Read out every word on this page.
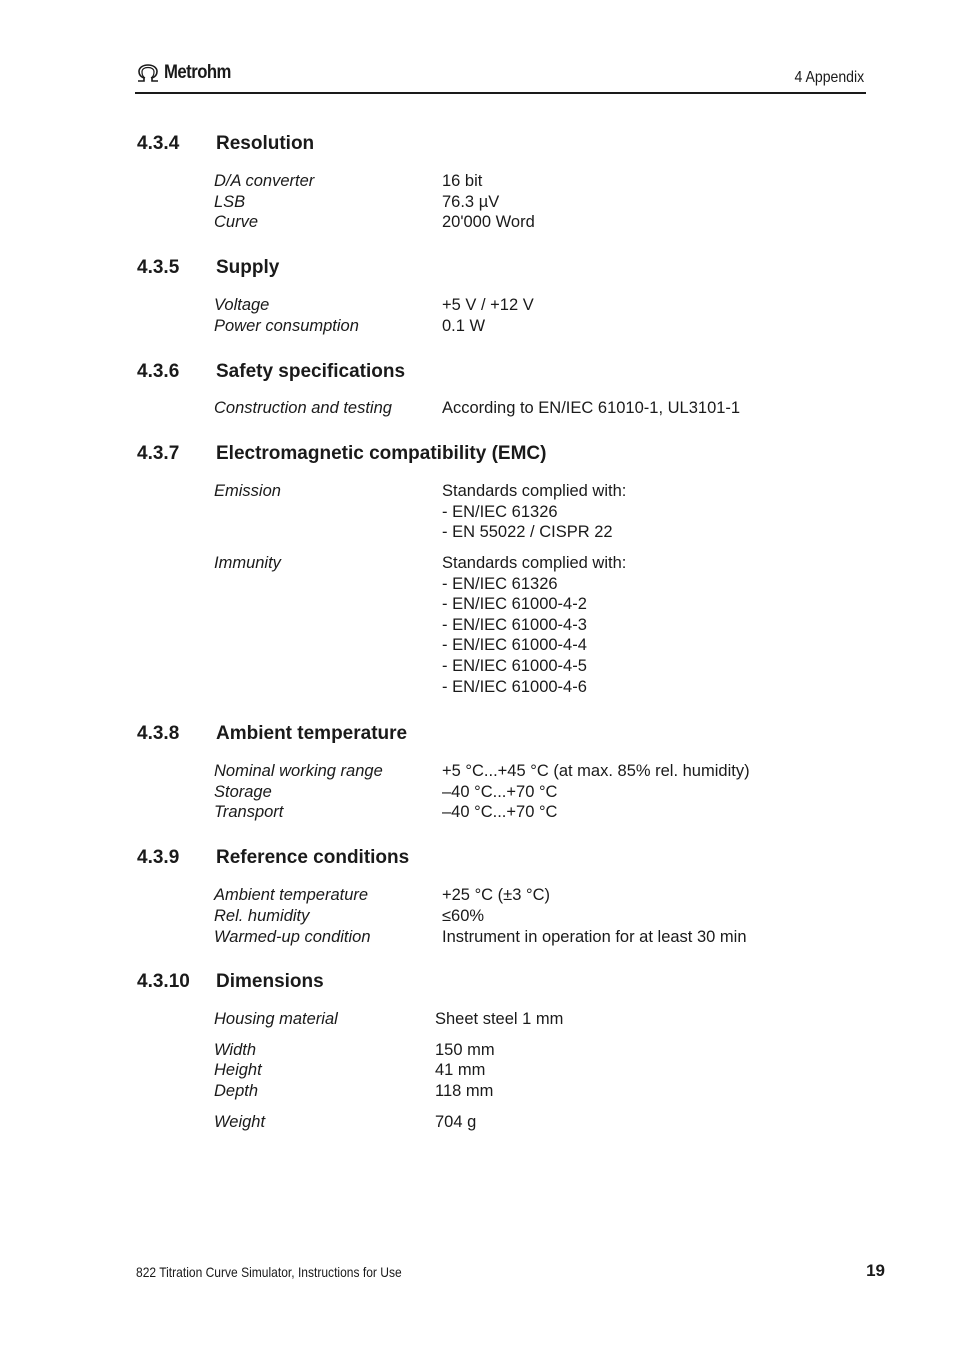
Metrohm	4 Appendix
4.3.4 Resolution
D/A converter	16 bit
LSB	76.3 µV
Curve	20'000 Word
4.3.5 Supply
Voltage	+5 V / +12 V
Power consumption	0.1 W
4.3.6 Safety specifications
Construction and testing	According to EN/IEC 61010-1, UL3101-1
4.3.7 Electromagnetic compatibility (EMC)
Emission	Standards complied with:
- EN/IEC 61326
- EN 55022 / CISPR 22
Immunity	Standards complied with:
- EN/IEC 61326
- EN/IEC 61000-4-2
- EN/IEC 61000-4-3
- EN/IEC 61000-4-4
- EN/IEC 61000-4-5
- EN/IEC 61000-4-6
4.3.8 Ambient temperature
Nominal working range	+5 °C...+45 °C (at max. 85% rel. humidity)
Storage	–40 °C...+70 °C
Transport	–40 °C...+70 °C
4.3.9 Reference conditions
Ambient temperature	+25 °C (±3 °C)
Rel. humidity	≤60%
Warmed-up condition	Instrument in operation for at least 30 min
4.3.10 Dimensions
Housing material	Sheet steel 1 mm
Width	150 mm
Height	41 mm
Depth	118 mm
Weight	704 g
822 Titration Curve Simulator, Instructions for Use	19
